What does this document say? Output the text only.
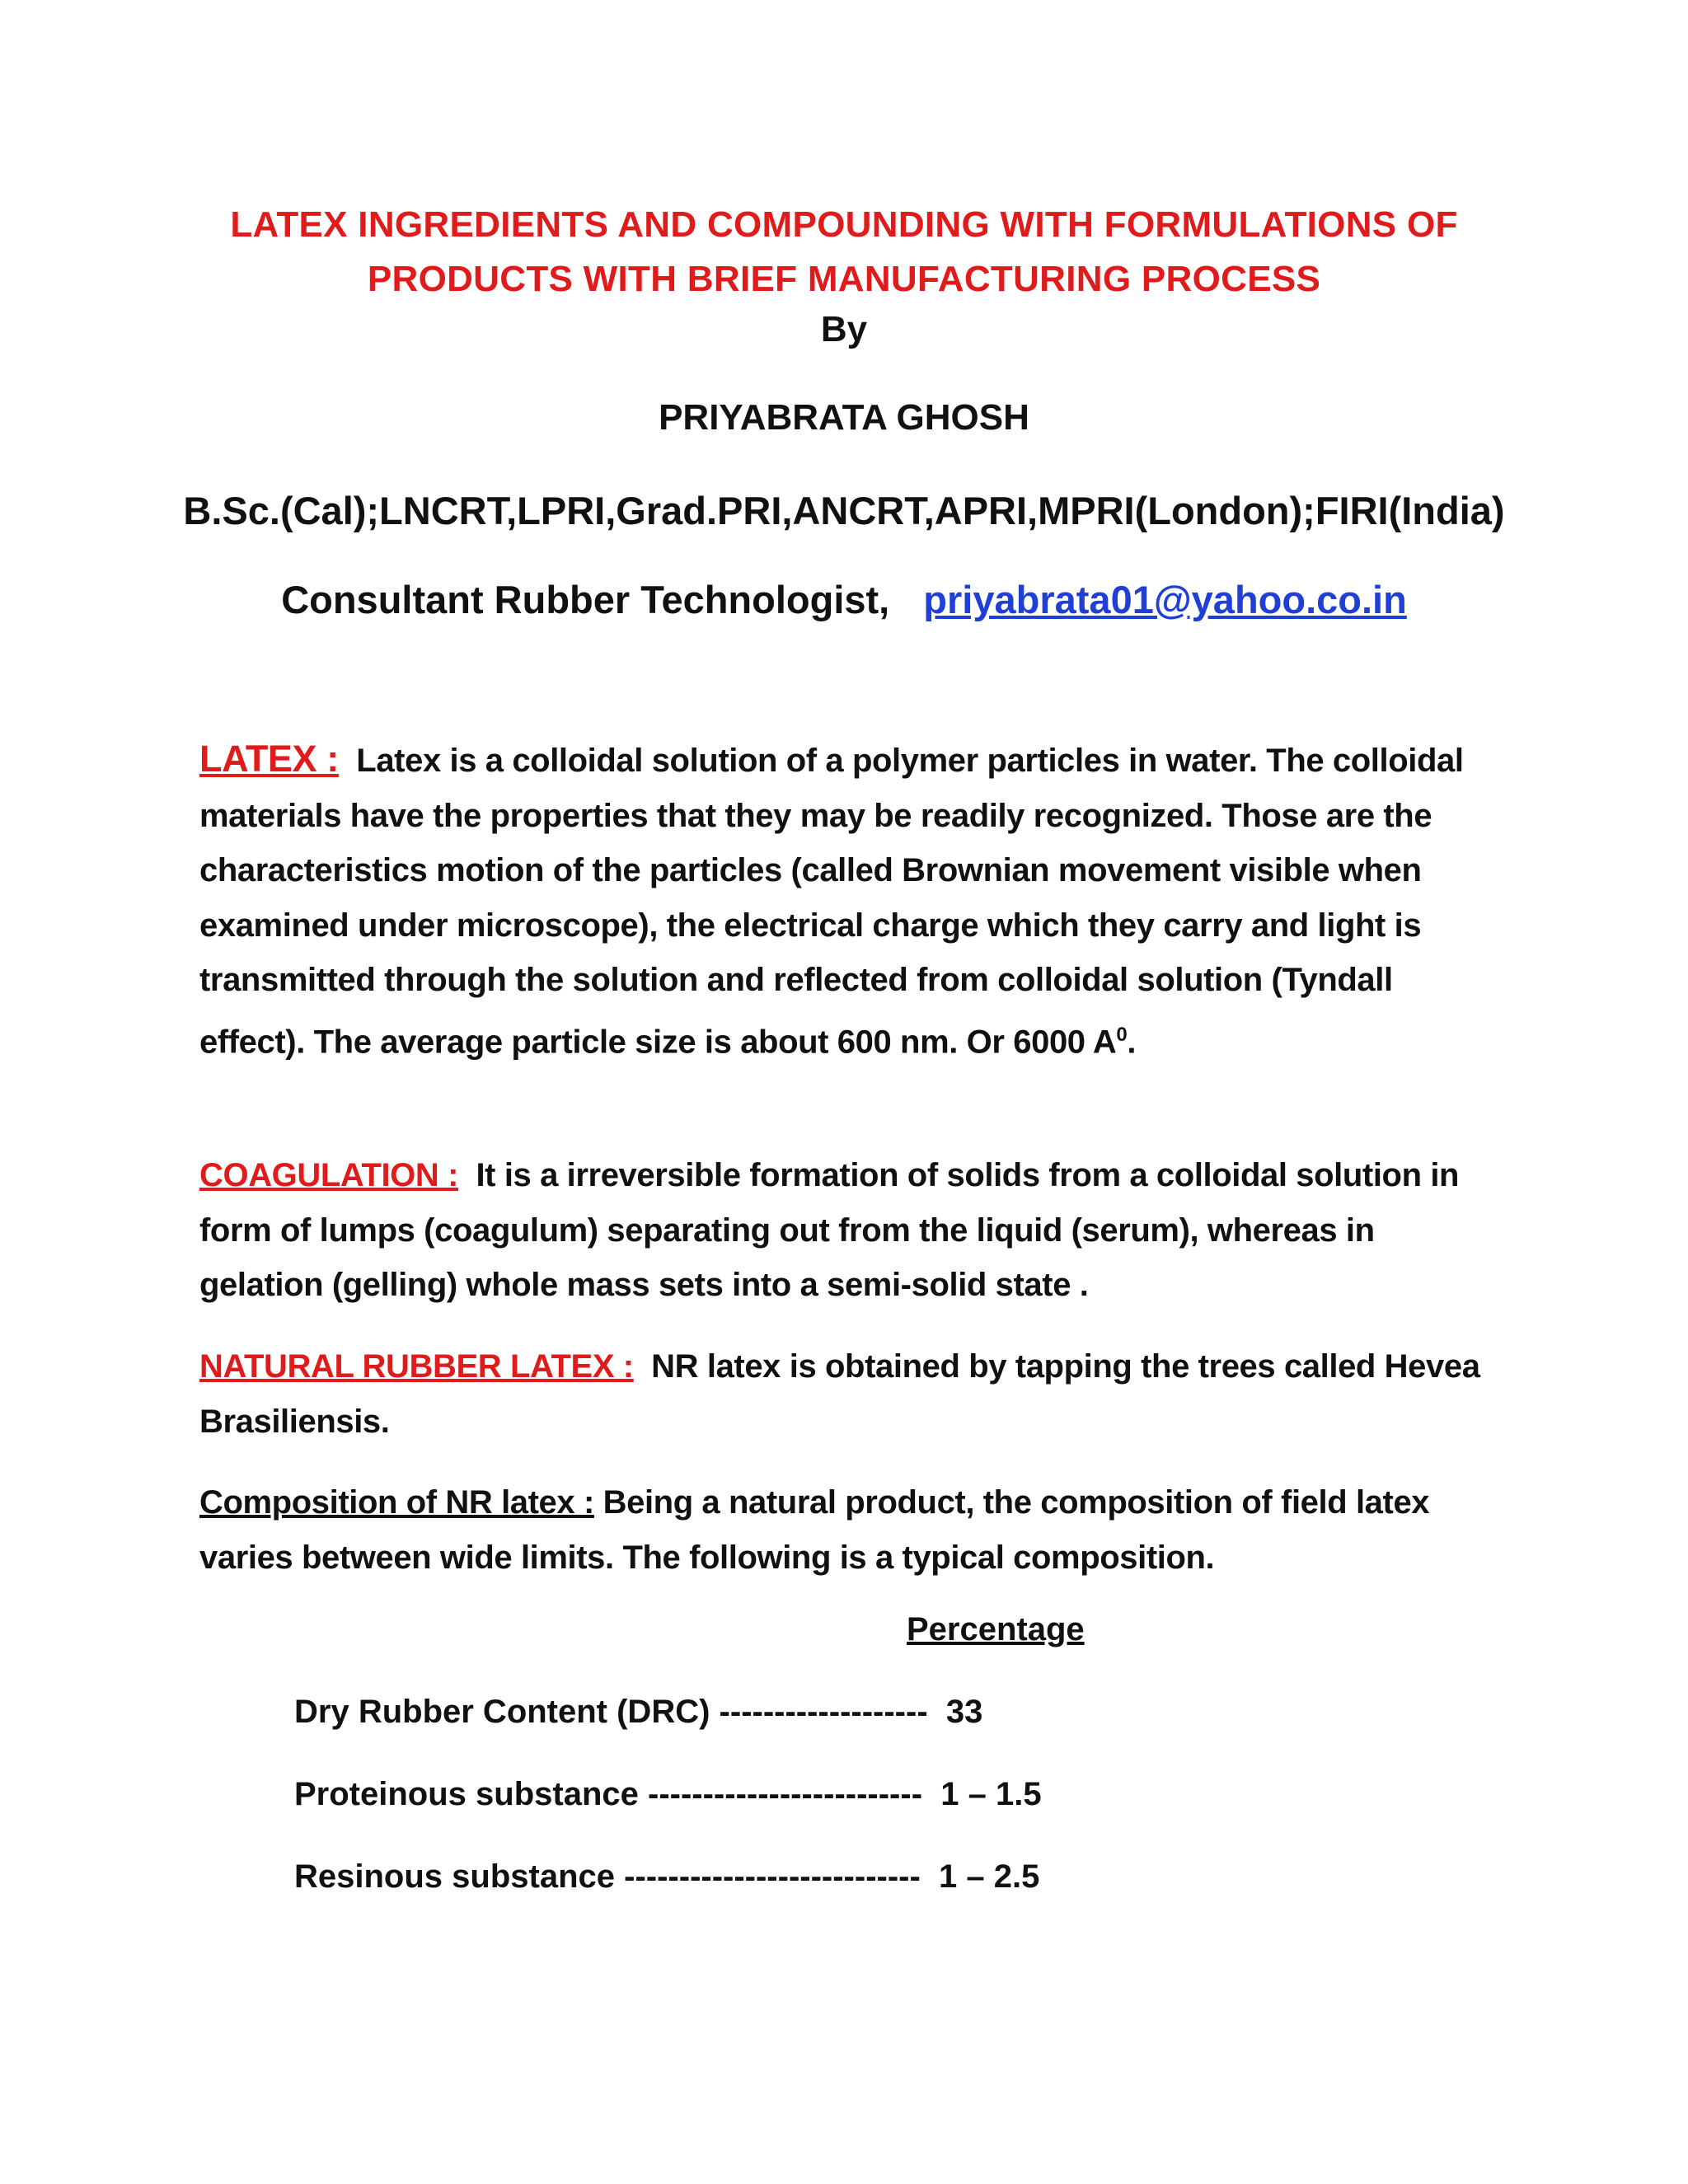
LATEX INGREDIENTS AND COMPOUNDING WITH FORMULATIONS OF
PRODUCTS WITH BRIEF MANUFACTURING PROCESS
By
PRIYABRATA GHOSH
B.Sc.(Cal);LNCRT,LPRI,Grad.PRI,ANCRT,APRI,MPRI(London);FIRI(India)
Consultant Rubber Technologist, priyabrata01@yahoo.co.in
LATEX : Latex is a colloidal solution of a polymer particles in water. The colloidal materials have the properties that they may be readily recognized. Those are the characteristics motion of the particles (called Brownian movement visible when examined under microscope), the electrical charge which they carry and light is transmitted through the solution and reflected from colloidal solution (Tyndall effect). The average particle size is about 600 nm. Or 6000 $A^0$.
COAGULATION : It is a irreversible formation of solids from a colloidal solution in form of lumps (coagulum) separating out from the liquid (serum), whereas in gelation (gelling) whole mass sets into a semi-solid state .
NATURAL RUBBER LATEX : NR latex is obtained by tapping the trees called Hevea Brasiliensis.
Composition of NR latex : Being a natural product, the composition of field latex varies between wide limits. The following is a typical composition.
Percentage
Dry Rubber Content (DRC) ------------------- 33
Proteinous substance ------------------------- 1 – 1.5
Resinous substance --------------------------- 1 – 2.5
